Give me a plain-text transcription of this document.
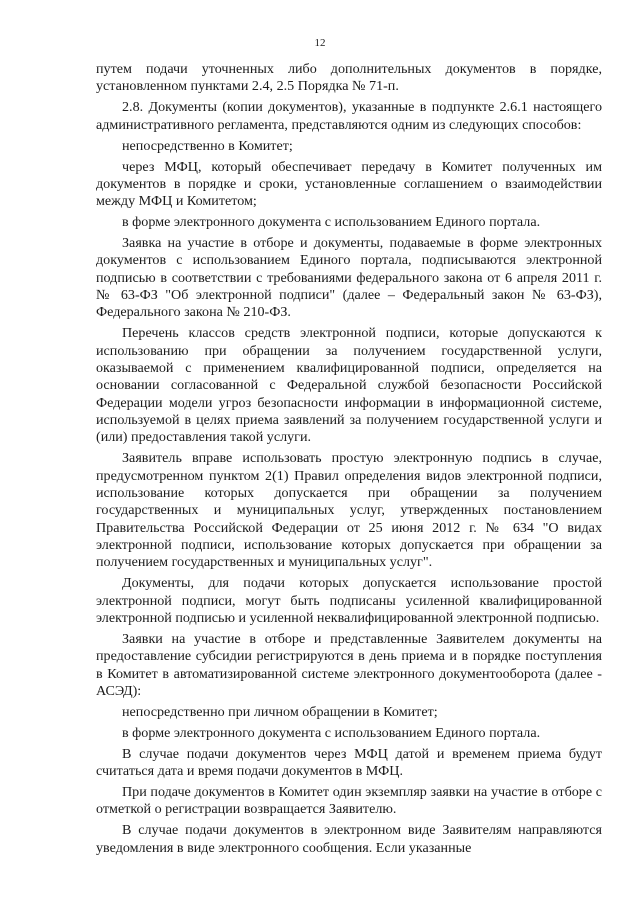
12

путем подачи уточненных либо дополнительных документов в порядке, установленном пунктами 2.4, 2.5 Порядка № 71-п.

2.8. Документы (копии документов), указанные в подпункте 2.6.1 настоящего административного регламента, представляются одним из следующих способов:

непосредственно в Комитет;

через МФЦ, который обеспечивает передачу в Комитет полученных им документов в порядке и сроки, установленные соглашением о взаимодействии между МФЦ и Комитетом;

в форме электронного документа с использованием Единого портала.

Заявка на участие в отборе и документы, подаваемые в форме электронных документов с использованием Единого портала, подписываются электронной подписью в соответствии с требованиями федерального закона от 6 апреля 2011 г. № 63-ФЗ "Об электронной подписи" (далее – Федеральный закон № 63-ФЗ), Федерального закона № 210-ФЗ.

Перечень классов средств электронной подписи, которые допускаются к использованию при обращении за получением государственной услуги, оказываемой с применением квалифицированной подписи, определяется на основании согласованной с Федеральной службой безопасности Российской Федерации модели угроз безопасности информации в информационной системе, используемой в целях приема заявлений за получением государственной услуги и (или) предоставления такой услуги.

Заявитель вправе использовать простую электронную подпись в случае, предусмотренном пунктом 2(1) Правил определения видов электронной подписи, использование которых допускается при обращении за получением государственных и муниципальных услуг, утвержденных постановлением Правительства Российской Федерации от 25 июня 2012 г. № 634 "О видах электронной подписи, использование которых допускается при обращении за получением государственных и муниципальных услуг".

Документы, для подачи которых допускается использование простой электронной подписи, могут быть подписаны усиленной квалифицированной электронной подписью и усиленной неквалифицированной электронной подписью.

Заявки на участие в отборе и представленные Заявителем документы на предоставление субсидии регистрируются в день приема и в порядке поступления в Комитет в автоматизированной системе электронного документооборота (далее - АСЭД):

непосредственно при личном обращении в Комитет;

в форме электронного документа с использованием Единого портала.

В случае подачи документов через МФЦ датой и временем приема будут считаться дата и время подачи документов в МФЦ.

При подаче документов в Комитет один экземпляр заявки на участие в отборе с отметкой о регистрации возвращается Заявителю.

В случае подачи документов в электронном виде Заявителям направляются уведомления в виде электронного сообщения. Если указанные
